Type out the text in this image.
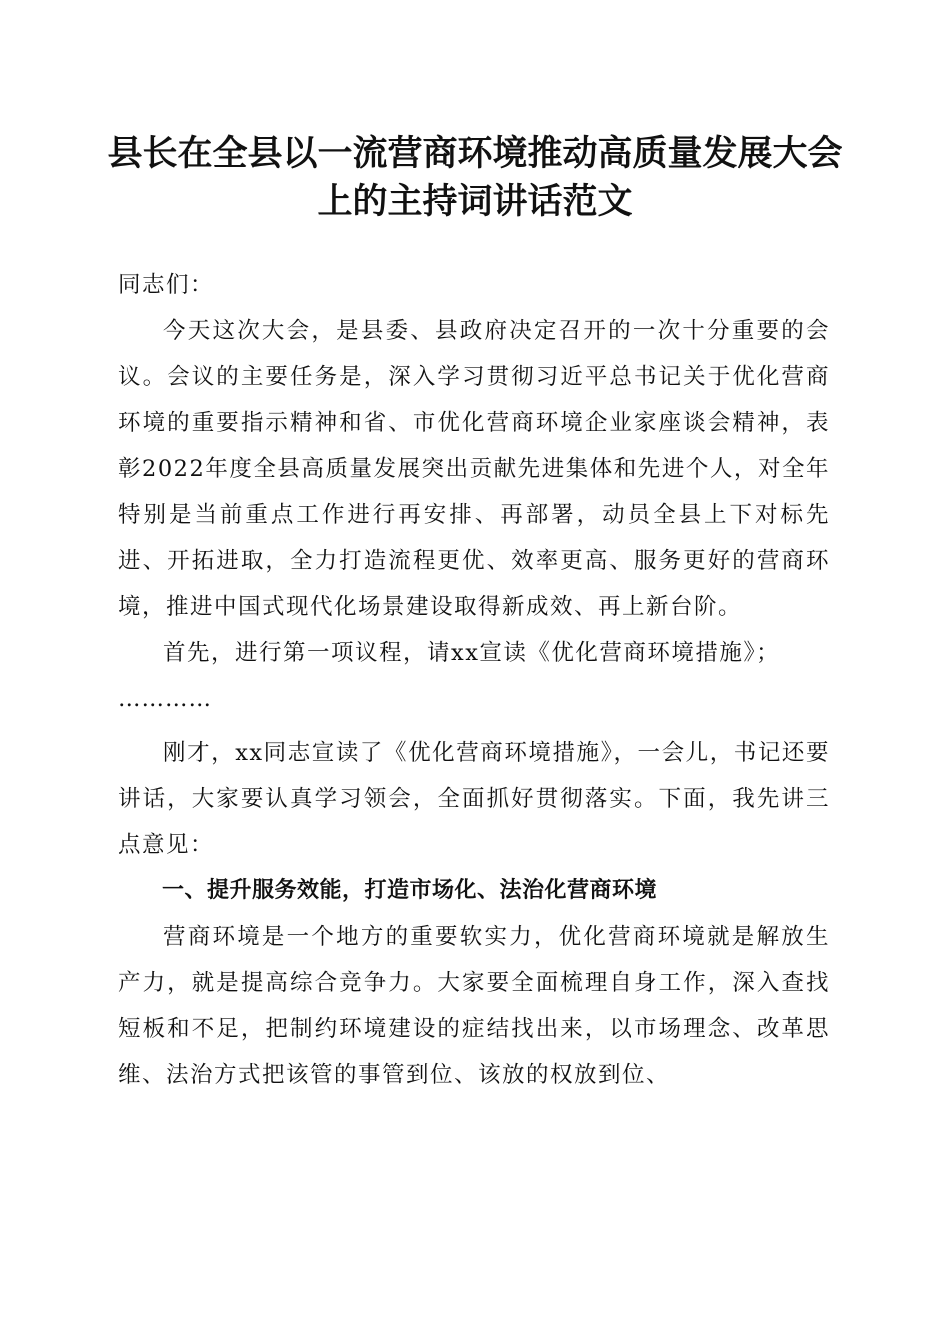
县长在全县以一流营商环境推动高质量发展大会上的主持词讲话范文

同志们：

今天这次大会，是县委、县政府决定召开的一次十分重要的会议。会议的主要任务是，深入学习贯彻习近平总书记关于优化营商环境的重要指示精神和省、市优化营商环境企业家座谈会精神，表彰2022年度全县高质量发展突出贡献先进集体和先进个人，对全年特别是当前重点工作进行再安排、再部署，动员全县上下对标先进、开拓进取，全力打造流程更优、效率更高、服务更好的营商环境，推进中国式现代化场景建设取得新成效、再上新台阶。

首先，进行第一项议程，请xx宣读《优化营商环境措施》；

…………

刚才，xx同志宣读了《优化营商环境措施》，一会儿，书记还要讲话，大家要认真学习领会，全面抓好贯彻落实。下面，我先讲三点意见：

一、提升服务效能，打造市场化、法治化营商环境

营商环境是一个地方的重要软实力，优化营商环境就是解放生产力，就是提高综合竞争力。大家要全面梳理自身工作，深入查找短板和不足，把制约环境建设的症结找出来，以市场理念、改革思维、法治方式把该管的事管到位、该放的权放到位、
